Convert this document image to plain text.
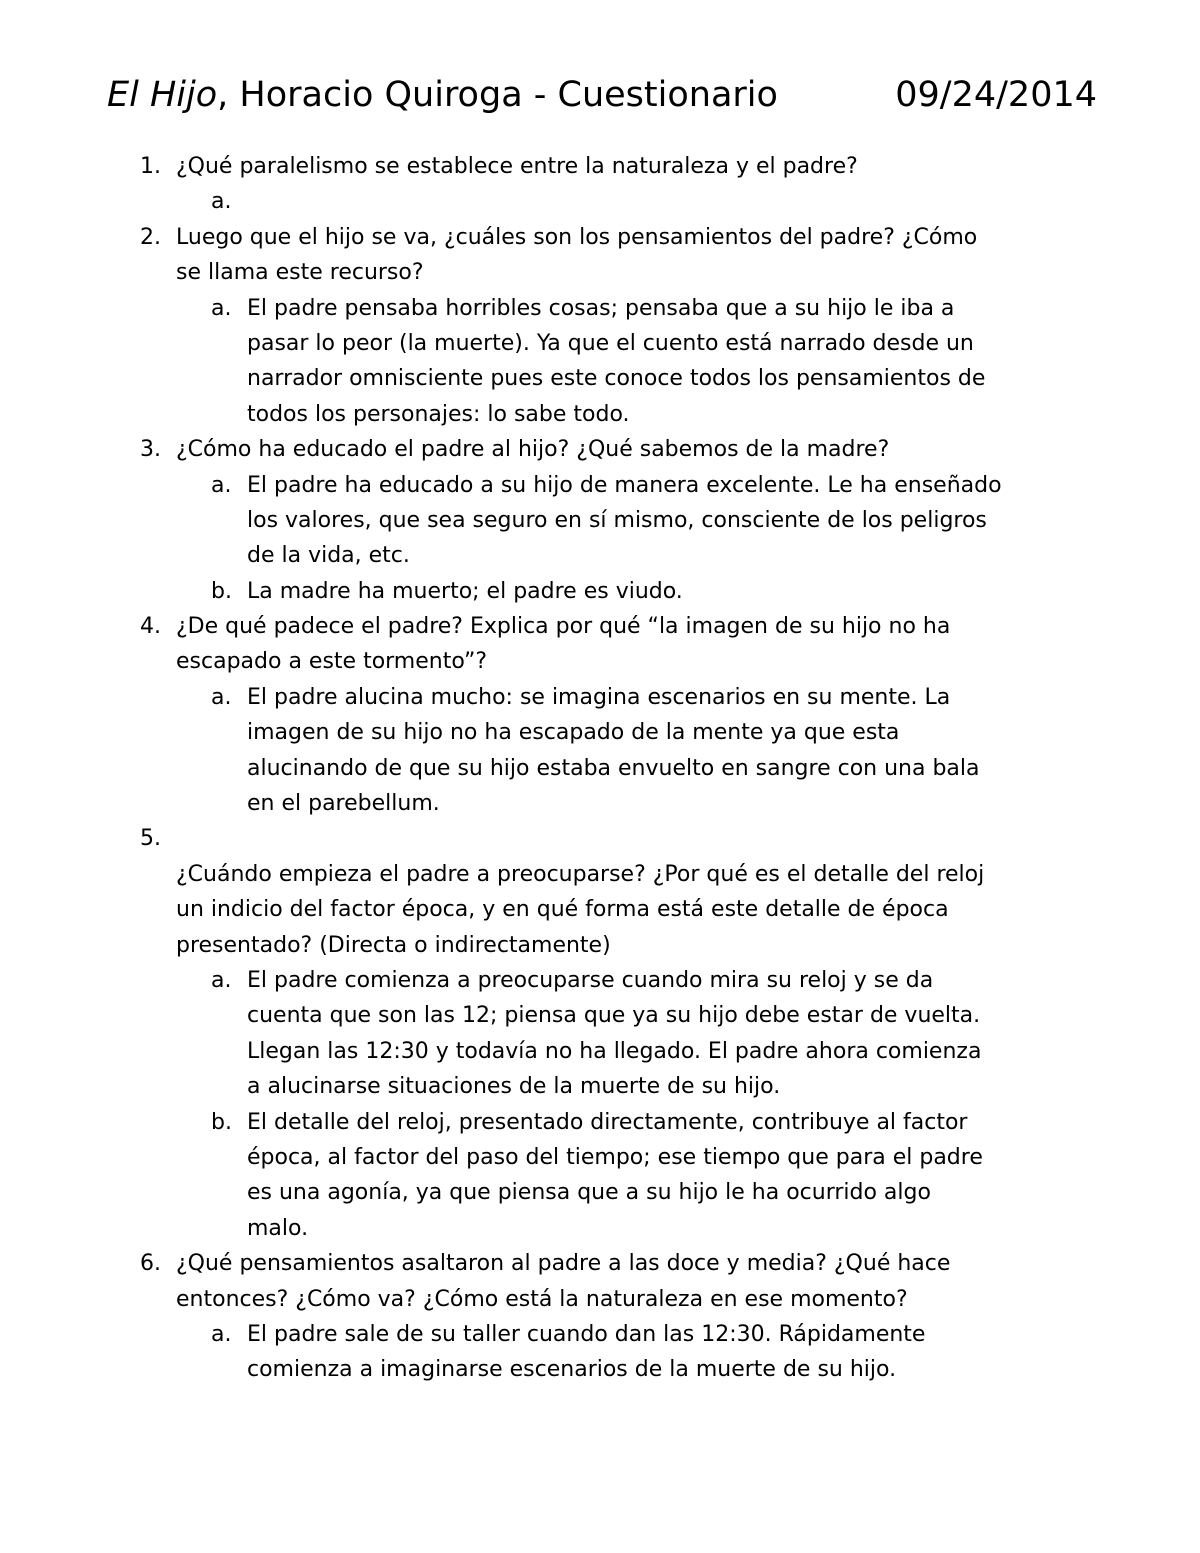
El Hijo, Horacio Quiroga - Cuestionario	09/24/2014
1. ¿Qué paralelismo se establece entre la naturaleza y el padre?
a.
2. Luego que el hijo se va, ¿cuáles son los pensamientos del padre? ¿Cómo
se llama este recurso?
a. El padre pensaba horribles cosas; pensaba que a su hijo le iba a
pasar lo peor (la muerte). Ya que el cuento está narrado desde un
narrador omnisciente pues este conoce todos los pensamientos de
todos los personajes: lo sabe todo.
3. ¿Cómo ha educado el padre al hijo? ¿Qué sabemos de la madre?
a. El padre ha educado a su hijo de manera excelente. Le ha enseñado
los valores, que sea seguro en sí mismo, consciente de los peligros
de la vida, etc.
b. La madre ha muerto; el padre es viudo.
4. ¿De qué padece el padre? Explica por qué “la imagen de su hijo no ha
escapado a este tormento”?
a. El padre alucina mucho: se imagina escenarios en su mente. La
imagen de su hijo no ha escapado de la mente ya que esta
alucinando de que su hijo estaba envuelto en sangre con una bala
en el parebellum.
5.
¿Cuándo empieza el padre a preocuparse? ¿Por qué es el detalle del reloj
un indicio del factor época, y en qué forma está este detalle de época
presentado? (Directa o indirectamente)
a. El padre comienza a preocuparse cuando mira su reloj y se da
cuenta que son las 12; piensa que ya su hijo debe estar de vuelta.
Llegan las 12:30 y todavía no ha llegado. El padre ahora comienza
a alucinarse situaciones de la muerte de su hijo.
b. El detalle del reloj, presentado directamente, contribuye al factor
época, al factor del paso del tiempo; ese tiempo que para el padre
es una agonía, ya que piensa que a su hijo le ha ocurrido algo
malo.
6. ¿Qué pensamientos asaltaron al padre a las doce y media? ¿Qué hace
entonces? ¿Cómo va? ¿Cómo está la naturaleza en ese momento?
a. El padre sale de su taller cuando dan las 12:30. Rápidamente
comienza a imaginarse escenarios de la muerte de su hijo.
